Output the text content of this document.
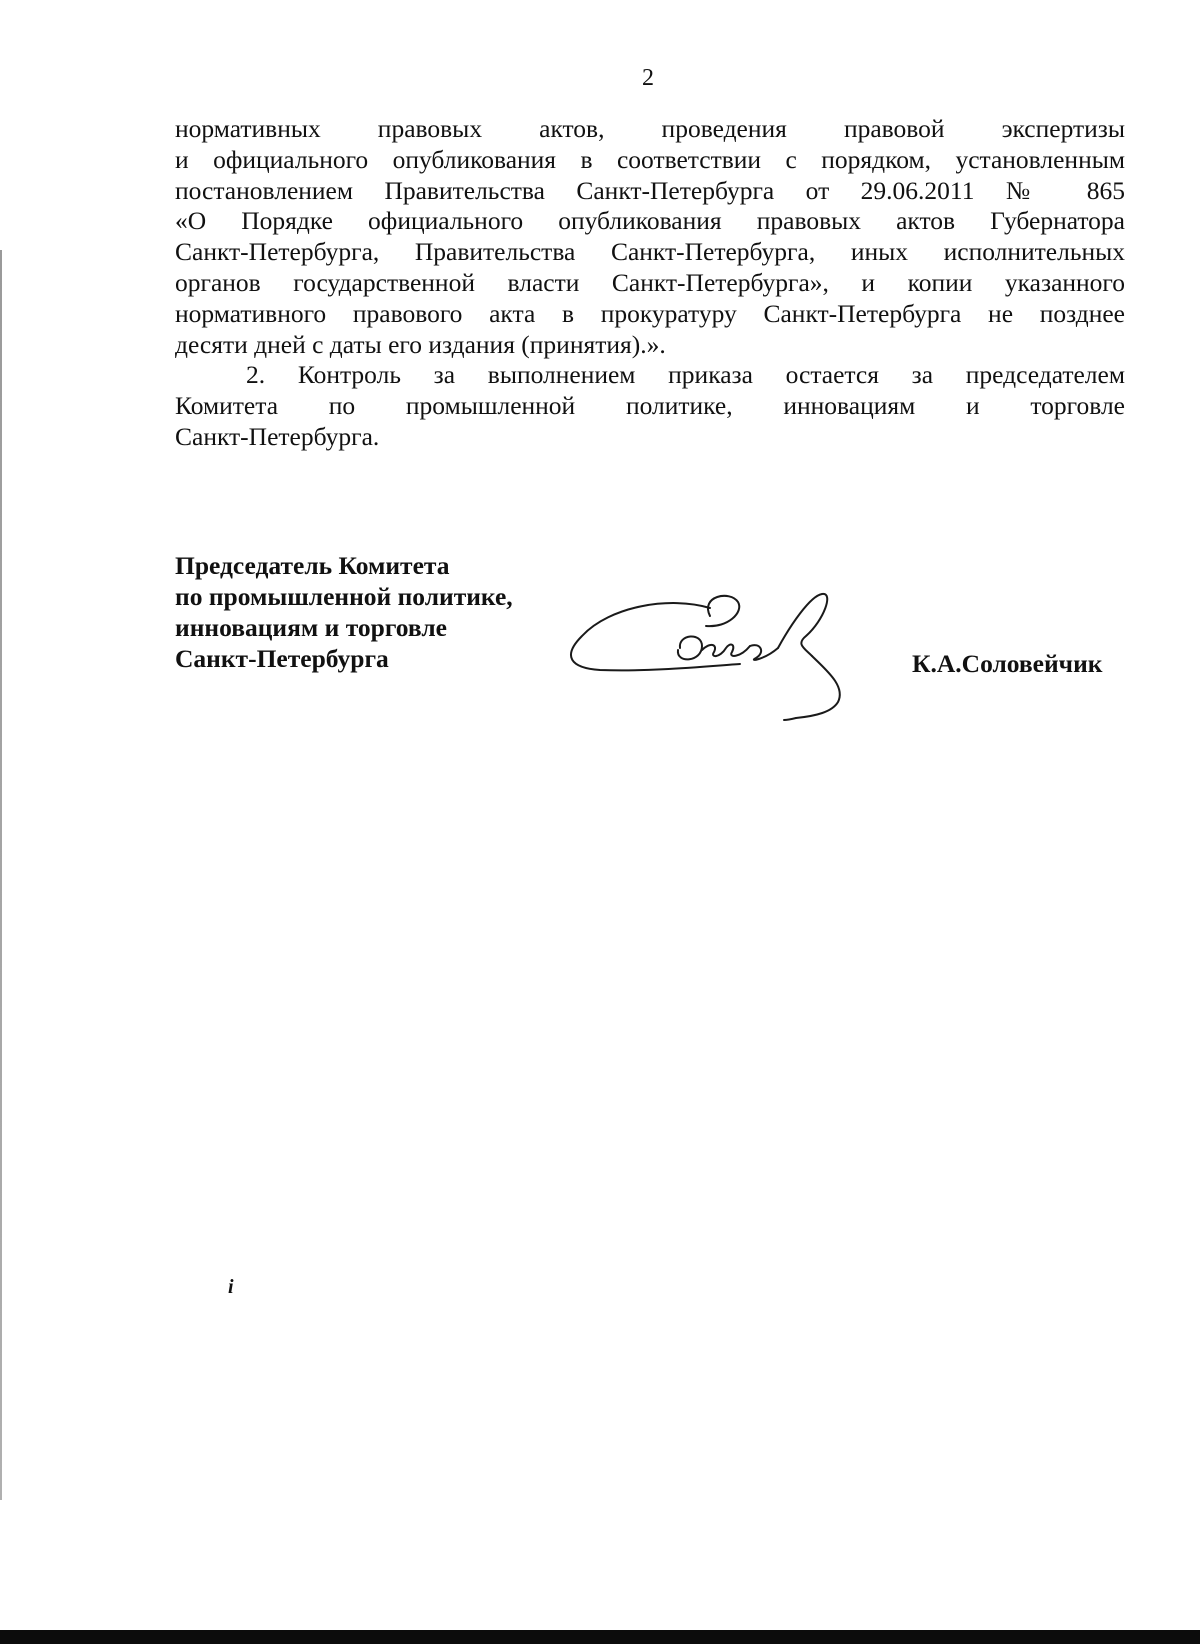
2

нормативных правовых актов, проведения правовой экспертизы
и официального опубликования в соответствии с порядком, установленным
постановлением Правительства Санкт-Петербурга от 29.06.2011 № 865
«О Порядке официального опубликования правовых актов Губернатора
Санкт-Петербурга, Правительства Санкт-Петербурга, иных исполнительных
органов государственной власти Санкт-Петербурга», и копии указанного
нормативного правового акта в прокуратуру Санкт-Петербурга не позднее
десяти дней с даты его издания (принятия).».

2. Контроль за выполнением приказа остается за председателем
Комитета по промышленной политике, инновациям и торговле
Санкт-Петербурга.

Председатель Комитета
по промышленной политике,
инновациям и торговле
Санкт-Петербурга	К.А.Соловейчик
i
